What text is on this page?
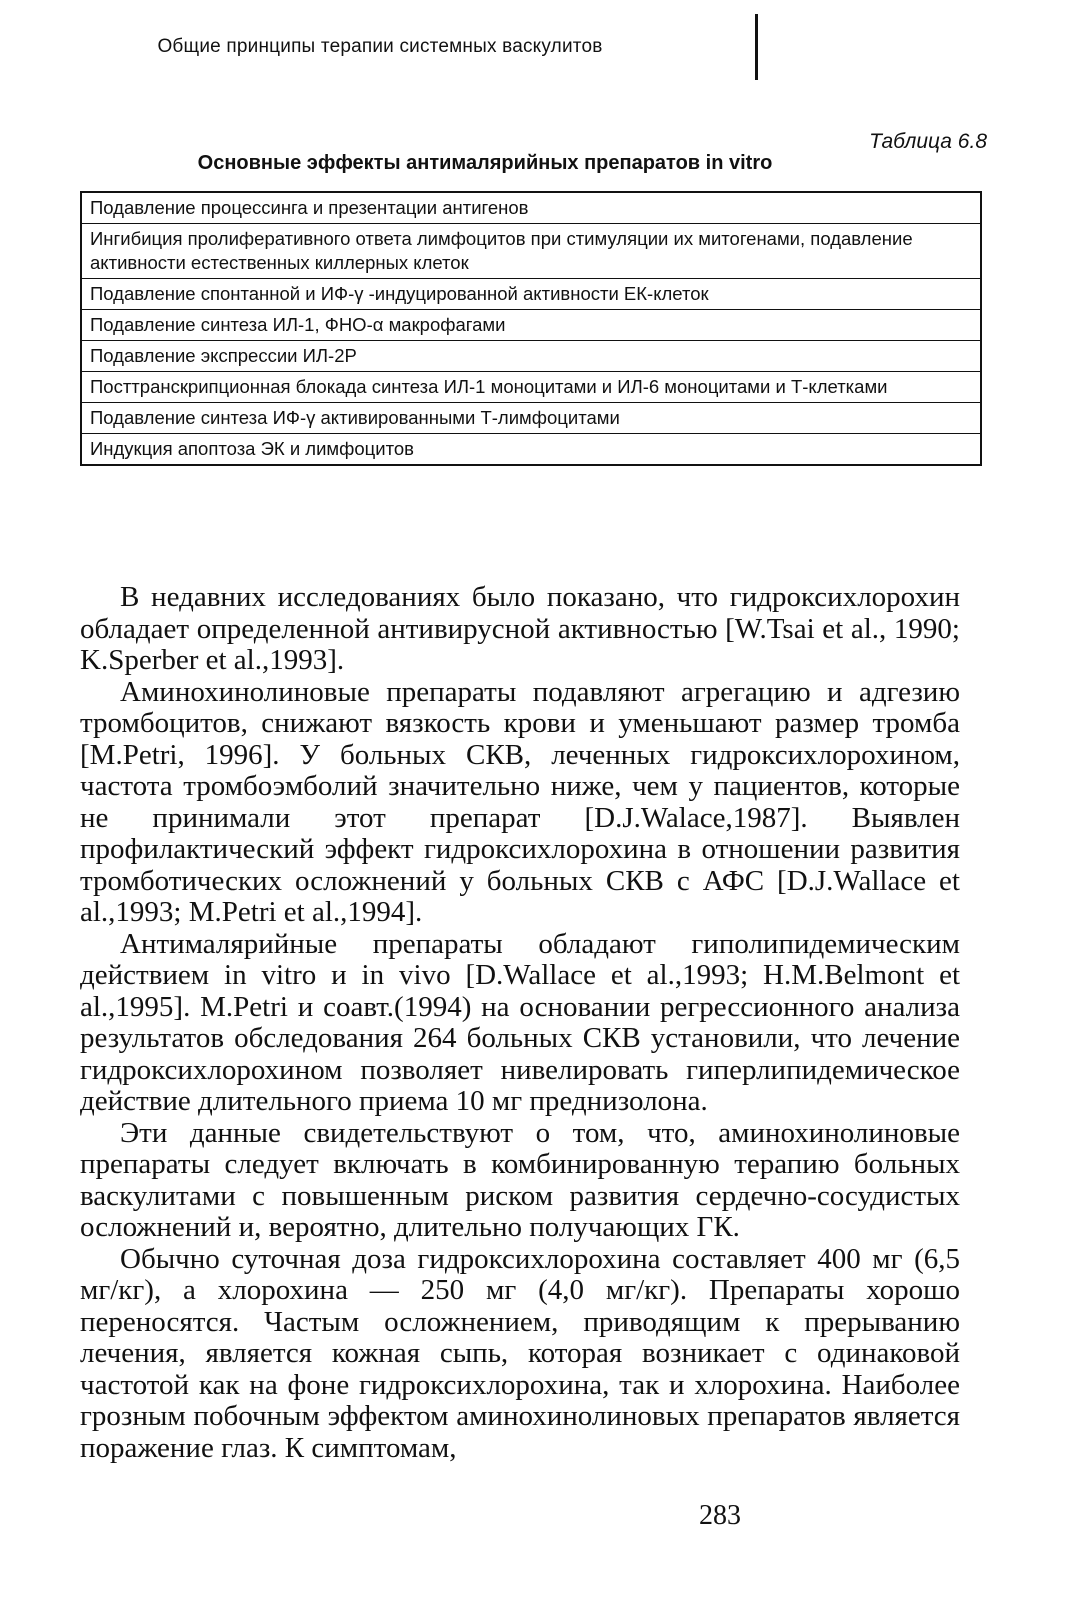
Общие принципы терапии системных васкулитов
Таблица 6.8
Основные эффекты антималярийных препаратов in vitro
Подавление процессинга и презентации антигенов
Ингибиция пролиферативного ответа лимфоцитов при стимуляции их митогенами, подавление активности естественных киллерных клеток
Подавление спонтанной и ИФ-γ -индуцированной активности ЕК-клеток
Подавление синтеза ИЛ-1, ФНО-α макрофагами
Подавление экспрессии ИЛ-2Р
Посттранскрипционная блокада синтеза ИЛ-1 моноцитами и ИЛ-6 моноцитами и Т-клетками
Подавление синтеза ИФ-γ активированными Т-лимфоцитами
Индукция апоптоза ЭК и лимфоцитов

В недавних исследованиях было показано, что гидроксихлорохин обладает определенной антивирусной активностью [W.Tsai et al., 1990; K.Sperber et al.,1993].

Аминохинолиновые препараты подавляют агрегацию и адгезию тромбоцитов, снижают вязкость крови и уменьшают размер тромба [M.Petri, 1996]. У больных СКВ, леченных гидроксихлорохином, частота тромбоэмболий значительно ниже, чем у пациентов, которые не принимали этот препарат [D.J.Walace,1987]. Выявлен профилактический эффект гидроксихлорохина в отношении развития тромботических осложнений у больных СКВ с АФС [D.J.Wallace et al.,1993; M.Petri et al.,1994].

Антималярийные препараты обладают гиполипидемическим действием in vitro и in vivo [D.Wallace et al.,1993; H.M.Belmont et al.,1995]. M.Petri и соавт.(1994) на основании регрессионного анализа результатов обследования 264 больных СКВ установили, что лечение гидроксихлорохином позволяет нивелировать гиперлипидемическое действие длительного приема 10 мг преднизолона.

Эти данные свидетельствуют о том, что, аминохинолиновые препараты следует включать в комбинированную терапию больных васкулитами с повышенным риском развития сердечно-сосудистых осложнений и, вероятно, длительно получающих ГК.

Обычно суточная доза гидроксихлорохина составляет 400 мг (6,5 мг/кг), а хлорохина — 250 мг (4,0 мг/кг). Препараты хорошо переносятся. Частым осложнением, приводящим к прерыванию лечения, является кожная сыпь, которая возникает с одинаковой частотой как на фоне гидроксихлорохина, так и хлорохина. Наиболее грозным побочным эффектом аминохинолиновых препаратов является поражение глаз. К симптомам,

283
